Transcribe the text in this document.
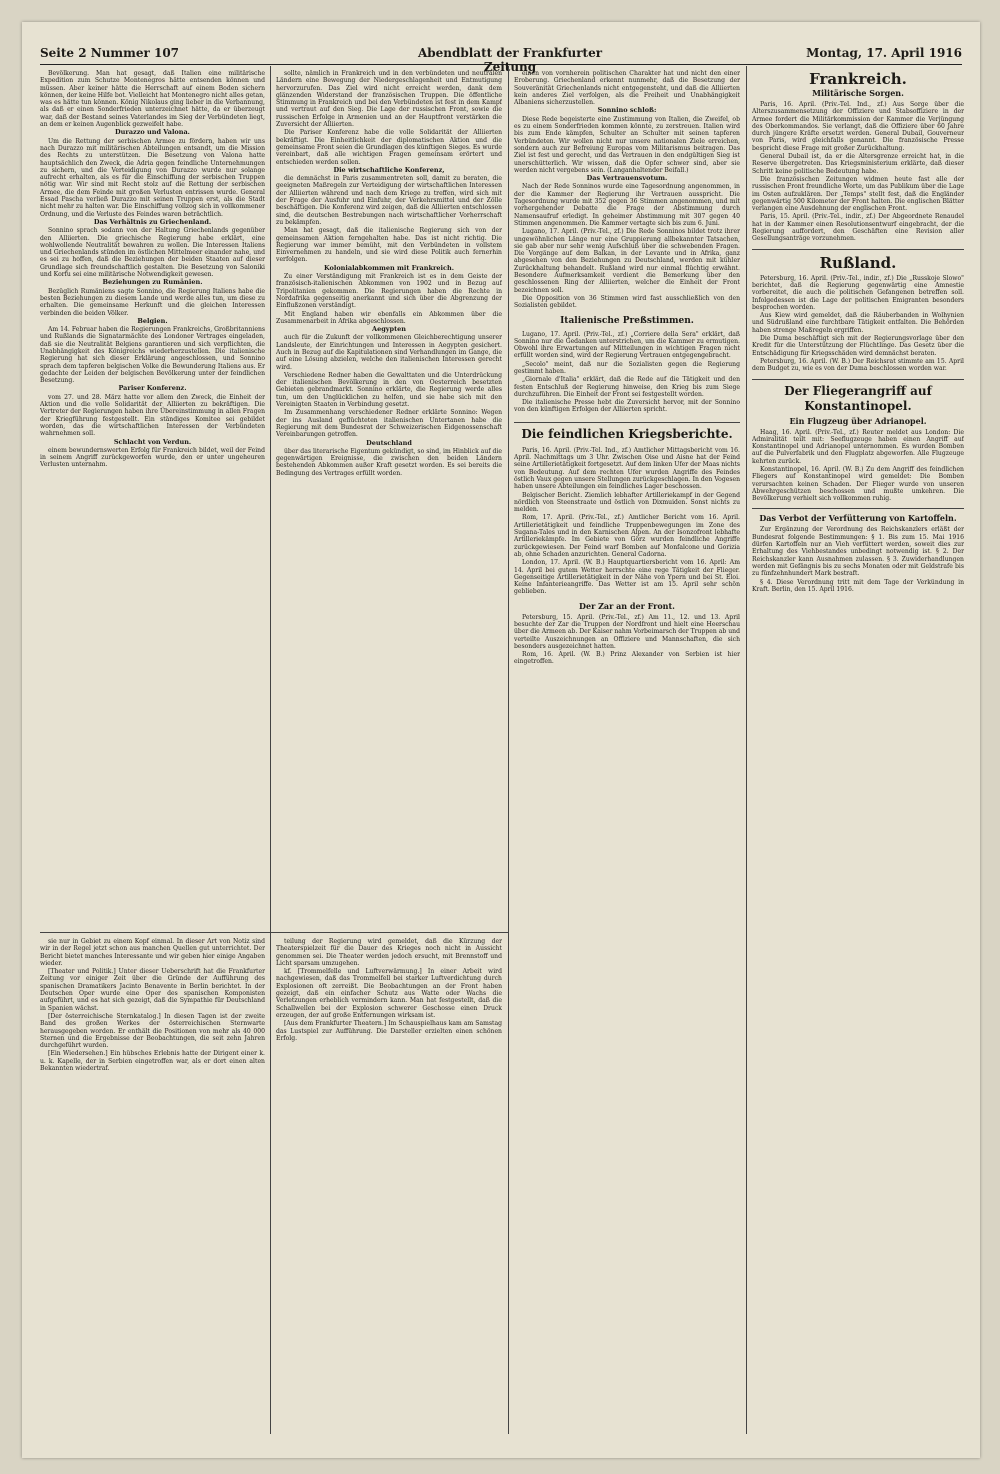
Seite 2 Nummer 107	Abendblatt der Frankfurter Zeitung
Montag, 17. April 1916

Bevölkerung. Man hat gesagt, daß Italien eine militärische Expedition zum Schutze Montenegros hätte entsenden können und müssen. Aber keiner hätte die Herrschaft auf einem Boden sichern können, der keine Hilfe bot. Vielleicht hat Montenegro nicht alles getan, was es hätte tun können. König Nikolaus ging lieber in die Verbannung, als daß er einen Sonderfrieden unterzeichnet hätte, da er überzeugt war, daß der Bestand seines Vaterlandes im Sieg der Verbündeten liegt, an dem er keinen Augenblick gezweifelt habe.

Durazzo und Valona.

Um die Rettung der serbischen Armee zu fördern, haben wir uns nach Durazzo mit militärischen Abteilungen entsandt, um die Mission des Rechts zu unterstützen. Die Besetzung von Valona hatte hauptsächlich den Zweck, die Adria gegen feindliche Unternehmungen zu sichern, und die Verteidigung von Durazzo wurde nur solange aufrecht erhalten, als es für die Einschiffung der serbischen Truppen nötig war. Wir sind mit Recht stolz auf die Rettung der serbischen Armee, die dem Feinde mit großen Verlusten entrissen wurde. General Essad Pascha verließ Durazzo mit seinen Truppen erst, als die Stadt nicht mehr zu halten war. Die Einschiffung vollzog sich in vollkommener Ordnung, und die Verluste des Feindes waren beträchtlich.

Das Verhältnis zu Griechenland.

Sonnino sprach sodann von der Haltung Griechenlands gegenüber den Alliierten. Die griechische Regierung habe erklärt, eine wohlwollende Neutralität bewahren zu wollen. Die Interessen Italiens und Griechenlands stünden im östlichen Mittelmeer einander nahe, und es sei zu hoffen, daß die Beziehungen der beiden Staaten auf dieser Grundlage sich freundschaftlich gestalten. Die Besetzung von Saloniki und Korfu sei eine militärische Notwendigkeit gewesen.

Beziehungen zu Rumänien.

Bezüglich Rumäniens sagte Sonnino, die Regierung Italiens habe die besten Beziehungen zu diesem Lande und werde alles tun, um diese zu erhalten. Die gemeinsame Herkunft und die gleichen Interessen verbinden die beiden Völker.

Belgien.

Am 14. Februar haben die Regierungen Frankreichs, Großbritanniens und Rußlands die Signatarmächte des Londoner Vertrages eingeladen, daß sie die Neutralität Belgiens garantieren und sich verpflichten, die Unabhängigkeit des Königreichs wiederherzustellen. Die italienische Regierung hat sich dieser Erklärung angeschlossen, und Sonnino sprach dem tapferen belgischen Volke die Bewunderung Italiens aus. Er gedachte der Leiden der belgischen Bevölkerung unter der feindlichen Besetzung.

Pariser Konferenz.

vom 27. und 28. März hatte vor allem den Zweck, die Einheit der Aktion und die volle Solidarität der Alliierten zu bekräftigen. Die Vertreter der Regierungen haben ihre Übereinstimmung in allen Fragen der Kriegführung festgestellt. Ein ständiges Komitee sei gebildet worden, das die wirtschaftlichen Interessen der Verbündeten wahrnehmen soll.

Schlacht von Verdun.

einem bewundernswerten Erfolg für Frankreich bildet, weil der Feind in seinem Angriff zurückgeworfen wurde, den er unter ungeheuren Verlusten unternahm.

sollte, nämlich in Frankreich und in den verbündeten und neutralen Ländern eine Bewegung der Niedergeschlagenheit und Entmutigung hervorzurufen. Das Ziel wird nicht erreicht werden, dank dem glänzenden Widerstand der französischen Truppen. Die öffentliche Stimmung in Frankreich und bei den Verbündeten ist fest in dem Kampf und vertraut auf den Sieg. Die Lage der russischen Front, sowie die russischen Erfolge in Armenien und an der Hauptfront verstärken die Zuversicht der Alliierten.

Die Pariser Konferenz habe die volle Solidarität der Alliierten bekräftigt. Die Einheitlichkeit der diplomatischen Aktion und die gemeinsame Front seien die Grundlagen des künftigen Sieges. Es wurde vereinbart, daß alle wichtigen Fragen gemeinsam erörtert und entschieden werden sollen.

Die wirtschaftliche Konferenz,

die demnächst in Paris zusammentreten soll, damit zu beraten, die geeigneten Maßregeln zur Verteidigung der wirtschaftlichen Interessen der Alliierten während und nach dem Kriege zu treffen, wird sich mit der Frage der Ausfuhr und Einfuhr, der Verkehrsmittel und der Zölle beschäftigen. Die Konferenz wird zeigen, daß die Alliierten entschlossen sind, die deutschen Bestrebungen nach wirtschaftlicher Vorherrschaft zu bekämpfen.

Man hat gesagt, daß die italienische Regierung sich von der gemeinsamen Aktion ferngehalten habe. Das ist nicht richtig. Die Regierung war immer bemüht, mit den Verbündeten in vollstem Einvernehmen zu handeln, und sie wird diese Politik auch fernerhin verfolgen.

Kolonialabkommen mit Frankreich.

Zu einer Verständigung mit Frankreich ist es in dem Geiste der französisch-italienischen Abkommen von 1902 und in Bezug auf Tripolitanien gekommen. Die Regierungen haben die Rechte in Nordafrika gegenseitig anerkannt und sich über die Abgrenzung der Einflußzonen verständigt.

Mit England haben wir ebenfalls ein Abkommen über die Zusammenarbeit in Afrika abgeschlossen.

Aegypten

auch für die Zukunft der vollkommenen Gleichberechtigung unserer Landsleute, der Einrichtungen und Interessen in Aegypten gesichert. Auch in Bezug auf die Kapitulationen sind Verhandlungen im Gange, die auf eine Lösung abzielen, welche den italienischen Interessen gerecht wird.

Verschiedene Redner haben die Gewalttaten und die Unterdrückung der italienischen Bevölkerung in den von Oesterreich besetzten Gebieten gebrandmarkt. Sonnino erklärte, die Regierung werde alles tun, um den Unglücklichen zu helfen, und sie habe sich mit den Vereinigten Staaten in Verbindung gesetzt.

Im Zusammenhang verschiedener Redner erklärte Sonnino: Wegen der ins Ausland geflüchteten italienischen Untertanen habe die Regierung mit dem Bundesrat der Schweizerischen Eidgenossenschaft Vereinbarungen getroffen.

Deutschland

über das literarische Eigentum gekündigt, so sind, im Hinblick auf die gegenwärtigen Ereignisse, die zwischen den beiden Ländern bestehenden Abkommen außer Kraft gesetzt worden. Es sei bereits die Bedingung des Vertrages erfüllt worden.

einen von vornherein politischen Charakter hat und nicht den einer Eroberung. Griechenland erkennt nunmehr, daß die Besetzung der Souveränität Griechenlands nicht entgegensteht, und daß die Alliierten kein anderes Ziel verfolgen, als die Freiheit und Unabhängigkeit Albaniens sicherzustellen.

Sonnino schloß:

Diese Rede begeisterte eine Zustimmung von Italien, die Zweifel, ob es zu einem Sonderfrieden kommen könnte, zu zerstreuen. Italien wird bis zum Ende kämpfen, Schulter an Schulter mit seinen tapferen Verbündeten. Wir wollen nicht nur unsere nationalen Ziele erreichen, sondern auch zur Befreiung Europas vom Militarismus beitragen. Das Ziel ist fest und gerecht, und das Vertrauen in den endgültigen Sieg ist unerschütterlich. Wir wissen, daß die Opfer schwer sind, aber sie werden nicht vergebens sein. (Langanhaltender Beifall.)

Das Vertrauensvotum.

Nach der Rede Sonninos wurde eine Tagesordnung angenommen, in der die Kammer der Regierung ihr Vertrauen ausspricht. Die Tagesordnung wurde mit 352 gegen 36 Stimmen angenommen, und mit vorhergehender Debatte die Frage der Abstimmung durch Namensaufruf erledigt. In geheimer Abstimmung mit 307 gegen 40 Stimmen angenommen. Die Kammer vertagte sich bis zum 6. Juni.

Lugano, 17. April. (Priv.-Tel., zf.) Die Rede Sonninos bildet trotz ihrer ungewöhnlichen Länge nur eine Gruppierung allbekannter Tatsachen, sie gab aber nur sehr wenig Aufschluß über die schwebenden Fragen. Die Vorgänge auf dem Balkan, in der Levante und in Afrika, ganz abgesehen von den Beziehungen zu Deutschland, werden mit kühler Zurückhaltung behandelt. Rußland wird nur einmal flüchtig erwähnt. Besondere Aufmerksamkeit verdient die Bemerkung über den geschlossenen Ring der Alliierten, welcher die Einheit der Front bezeichnen soll.

Die Opposition von 36 Stimmen wird fast ausschließlich von den Sozialisten gebildet.

Italienische Preßstimmen.

Lugano, 17. April. (Priv.-Tel., zf.) „Corriere della Sera" erklärt, daß Sonnino nur die Gedanken unterstrichen, um die Kammer zu ermutigen. Obwohl ihre Erwartungen auf Mitteilungen in wichtigen Fragen nicht erfüllt worden sind, wird der Regierung Vertrauen entgegengebracht.

„Secolo" meint, daß nur die Sozialisten gegen die Regierung gestimmt haben.

„Giornale d'Italia" erklärt, daß die Rede auf die Tätigkeit und den festen Entschluß der Regierung hinweise, den Krieg bis zum Siege durchzuführen. Die Einheit der Front sei festgestellt worden.

Die italienische Presse hebt die Zuversicht hervor, mit der Sonnino von den künftigen Erfolgen der Alliierten spricht.

Die feindlichen Kriegsberichte.

Paris, 16. April. (Priv.-Tel. Ind., zf.) Amtlicher Mittagsbericht vom 16. April. Nachmittags um 3 Uhr. Zwischen Oise und Aisne hat der Feind seine Artillerietätigkeit fortgesetzt. Auf dem linken Ufer der Maas nichts von Bedeutung. Auf dem rechten Ufer wurden Angriffe des Feindes östlich Vaux gegen unsere Stellungen zurückgeschlagen. In den Vogesen haben unsere Abteilungen ein feindliches Lager beschossen.

Belgischer Bericht. Ziemlich lebhafter Artilleriekampf in der Gegend nördlich von Steenstraate und östlich von Dixmuiden. Sonst nichts zu melden.

Rom, 17. April. (Priv.-Tel., zf.) Amtlicher Bericht vom 16. April. Artillerietätigkeit und feindliche Truppenbewegungen im Zone des Sugana-Tales und in den Karnischen Alpen. An der Isonzofront lebhafte Artilleriekämpfe. Im Gebiete von Görz wurden feindliche Angriffe zurückgewiesen. Der Feind warf Bomben auf Monfalcone und Gorizia ab, ohne Schaden anzurichten. General Cadorna.

London, 17. April. (W. B.) Hauptquartiersbericht vom 16. April: Am 14. April bei gutem Wetter herrschte eine rege Tätigkeit der Flieger. Gegenseitige Artillerietätigkeit in der Nähe von Ypern und bei St. Eloi. Keine Infanterieangriffe. Das Wetter ist am 15. April sehr schön geblieben.

Der Zar an der Front.

Petersburg, 15. April. (Priv.-Tel., zf.) Am 11., 12. und 13. April besuchte der Zar die Truppen der Nordfront und hielt eine Heerschau über die Armeen ab. Der Kaiser nahm Vorbeimarsch der Truppen ab und verteilte Auszeichnungen an Offiziere und Mannschaften, die sich besonders ausgezeichnet hatten.

Rom, 16. April. (W. B.) Prinz Alexander von Serbien ist hier eingetroffen.

Frankreich.
Militärische Sorgen.

Paris, 16. April. (Priv.-Tel. Ind., zf.) Aus Sorge über die Alterszusammensetzung der Offiziere und Stabsoffiziere in der Armee fordert die Militärkommission der Kammer die Verjüngung des Oberkommandos. Sie verlangt, daß die Offiziere über 60 Jahre durch jüngere Kräfte ersetzt werden. General Dubail, Gouverneur von Paris, wird gleichfalls genannt. Die französische Presse bespricht diese Frage mit großer Zurückhaltung.

General Dubail ist, da er die Altersgrenze erreicht hat, in die Reserve übergetreten. Das Kriegsministerium erklärte, daß dieser Schritt keine politische Bedeutung habe.

Die französischen Zeitungen widmen heute fast alle der russischen Front freundliche Worte, um das Publikum über die Lage im Osten aufzuklären. Der „Temps" stellt fest, daß die Engländer gegenwärtig 500 Kilometer der Front halten. Die englischen Blätter verlangen eine Ausdehnung der englischen Front.

Paris, 15. April. (Priv.-Tel., indir., zf.) Der Abgeordnete Renaudel hat in der Kammer einen Resolutionsentwurf eingebracht, der die Regierung auffordert, den Geschäften eine Revision aller Gesellungsanträge vorzunehmen.

Rußland.

Petersburg, 16. April. (Priv.-Tel., indir., zf.) Die „Russkoje Slowo" berichtet, daß die Regierung gegenwärtig eine Amnestie vorbereitet, die auch die politischen Gefangenen betreffen soll. Infolgedessen ist die Lage der politischen Emigranten besonders besprochen worden.

Aus Kiew wird gemeldet, daß die Räuberbanden in Wolhynien und Südrußland eine furchtbare Tätigkeit entfalten. Die Behörden haben strenge Maßregeln ergriffen.

Die Duma beschäftigt sich mit der Regierungsvorlage über den Kredit für die Unterstützung der Flüchtlinge. Das Gesetz über die Entschädigung für Kriegsschäden wird demnächst beraten.

Petersburg, 16. April. (W. B.) Der Reichsrat stimmte am 15. April dem Budget zu, wie es von der Duma beschlossen worden war.

Der Fliegerangriff auf Konstantinopel.
Ein Flugzeug über Adrianopel.

Haag, 16. April. (Priv.-Tel., zf.) Reuter meldet aus London: Die Admiralität teilt mit: Seeflugzeuge haben einen Angriff auf Konstantinopel und Adrianopel unternommen. Es wurden Bomben auf die Pulverfabrik und den Flugplatz abgeworfen. Alle Flugzeuge kehrten zurück.

Konstantinopel, 16. April. (W. B.) Zu dem Angriff des feindlichen Fliegers auf Konstantinopel wird gemeldet: Die Bomben verursachten keinen Schaden. Der Flieger wurde von unseren Abwehrgeschützen beschossen und mußte umkehren. Die Bevölkerung verhielt sich vollkommen ruhig.

Das Verbot der Verfütterung von Kartoffeln.

Zur Ergänzung der Verordnung des Reichskanzlers erläßt der Bundesrat folgende Bestimmungen: § 1. Bis zum 15. Mai 1916 dürfen Kartoffeln nur an Vieh verfüttert werden, soweit dies zur Erhaltung des Viehbestandes unbedingt notwendig ist. § 2. Der Reichskanzler kann Ausnahmen zulassen. § 3. Zuwiderhandlungen werden mit Gefängnis bis zu sechs Monaten oder mit Geldstrafe bis zu fünfzehnhundert Mark bestraft.

§ 4. Diese Verordnung tritt mit dem Tage der Verkündung in Kraft. Berlin, den 15. April 1916.

sie nur in Gebiet zu einem Kopf einmal. In dieser Art von Notiz sind wir in der Regel jetzt schon aus manchen Quellen gut unterrichtet. Der Bericht bietet manches Interessante und wir geben hier einige Angaben wieder.

[Theater und Politik.] Unter dieser Ueberschrift hat die Frankfurter Zeitung vor einiger Zeit über die Gründe der Aufführung des spanischen Dramatikers Jacinto Benavente in Berlin berichtet. In der Deutschen Oper wurde eine Oper des spanischen Komponisten aufgeführt, und es hat sich gezeigt, daß die Sympathie für Deutschland in Spanien wächst.

[Der österreichische Sternkatalog.] In diesen Tagen ist der zweite Band des großen Werkes der österreichischen Sternwarte herausgegeben worden. Er enthält die Positionen von mehr als 40 000 Sternen und die Ergebnisse der Beobachtungen, die seit zehn Jahren durchgeführt wurden.

[Ein Wiedersehen.] Ein hübsches Erlebnis hatte der Dirigent einer k. u. k. Kapelle, der in Serbien eingetroffen war, als er dort einen alten Bekannten wiedertraf.

teilung der Regierung wird gemeldet, daß die Kürzung der Theaterspielzeit für die Dauer des Krieges noch nicht in Aussicht genommen sei. Die Theater werden jedoch ersucht, mit Brennstoff und Licht sparsam umzugehen.

kf. [Trommelfelle und Luftverwärmung.] In einer Arbeit wird nachgewiesen, daß das Trommelfell bei starker Luftverdichtung durch Explosionen oft zerreißt. Die Beobachtungen an der Front haben gezeigt, daß ein einfacher Schutz aus Watte oder Wachs die Verletzungen erheblich vermindern kann. Man hat festgestellt, daß die Schallwellen bei der Explosion schwerer Geschosse einen Druck erzeugen, der auf große Entfernungen wirksam ist.

[Aus dem Frankfurter Theatern.] Im Schauspielhaus kam am Samstag das Lustspiel zur Aufführung. Die Darsteller erzielten einen schönen Erfolg.
